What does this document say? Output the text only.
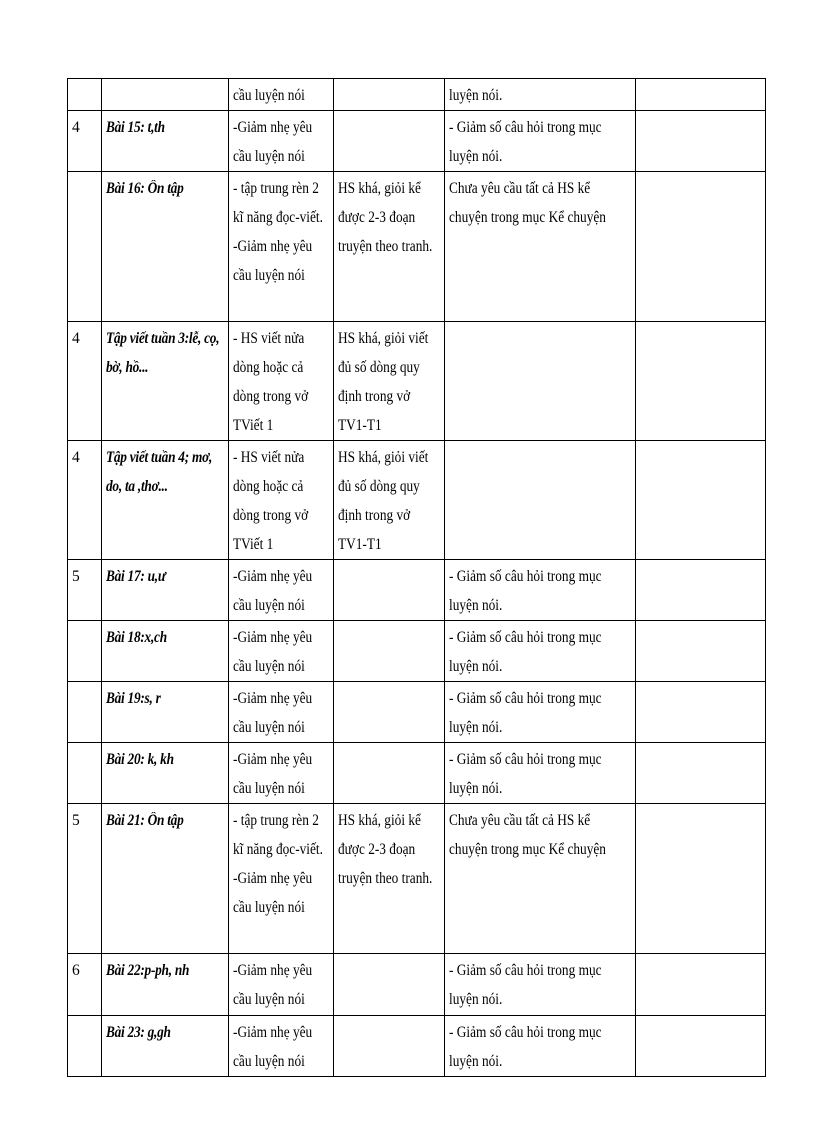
		cầu luyện nói		luyện nói.	
4	Bài 15: t,th	-Giảm nhẹ yêu cầu luyện nói		- Giảm số câu hỏi trong mục luyện nói.	
	Bài 16: Ôn tập	- tập trung rèn 2 kĩ năng đọc-viết. -Giảm nhẹ yêu cầu luyện nói	HS khá, giỏi kể được 2-3 đoạn truyện theo tranh.	Chưa yêu cầu tất cả HS kể chuyện trong mục Kể chuyện	
4	Tập viết tuần 3:lễ, cọ, bờ, hồ...	- HS viết nửa dòng hoặc cả dòng trong vở TViết 1	HS khá, giỏi viết đủ số dòng quy định trong vở TV1-T1		
4	Tập viết tuần 4; mơ, do, ta ,thơ...	- HS viết nửa dòng hoặc cả dòng trong vở TViết 1	HS khá, giỏi viết đủ số dòng quy định trong vở TV1-T1		
5	Bài 17: u,ư	-Giảm nhẹ yêu cầu luyện nói		- Giảm số câu hỏi trong mục luyện nói.	
	Bài 18:x,ch	-Giảm nhẹ yêu cầu luyện nói		- Giảm số câu hỏi trong mục luyện nói.	
	Bài 19:s, r	-Giảm nhẹ yêu cầu luyện nói		- Giảm số câu hỏi trong mục luyện nói.	
	Bài 20: k, kh	-Giảm nhẹ yêu cầu luyện nói		- Giảm số câu hỏi trong mục luyện nói.	
5	Bài 21: Ôn tập	- tập trung rèn 2 kĩ năng đọc-viết. -Giảm nhẹ yêu cầu luyện nói	HS khá, giỏi kể được 2-3 đoạn truyện theo tranh.	Chưa yêu cầu tất cả HS kể chuyện trong mục Kể chuyện	
6	Bài 22:p-ph, nh	-Giảm nhẹ yêu cầu luyện nói		- Giảm số câu hỏi trong mục luyện nói.	
	Bài 23: g,gh	-Giảm nhẹ yêu cầu luyện nói		- Giảm số câu hỏi trong mục luyện nói.	
